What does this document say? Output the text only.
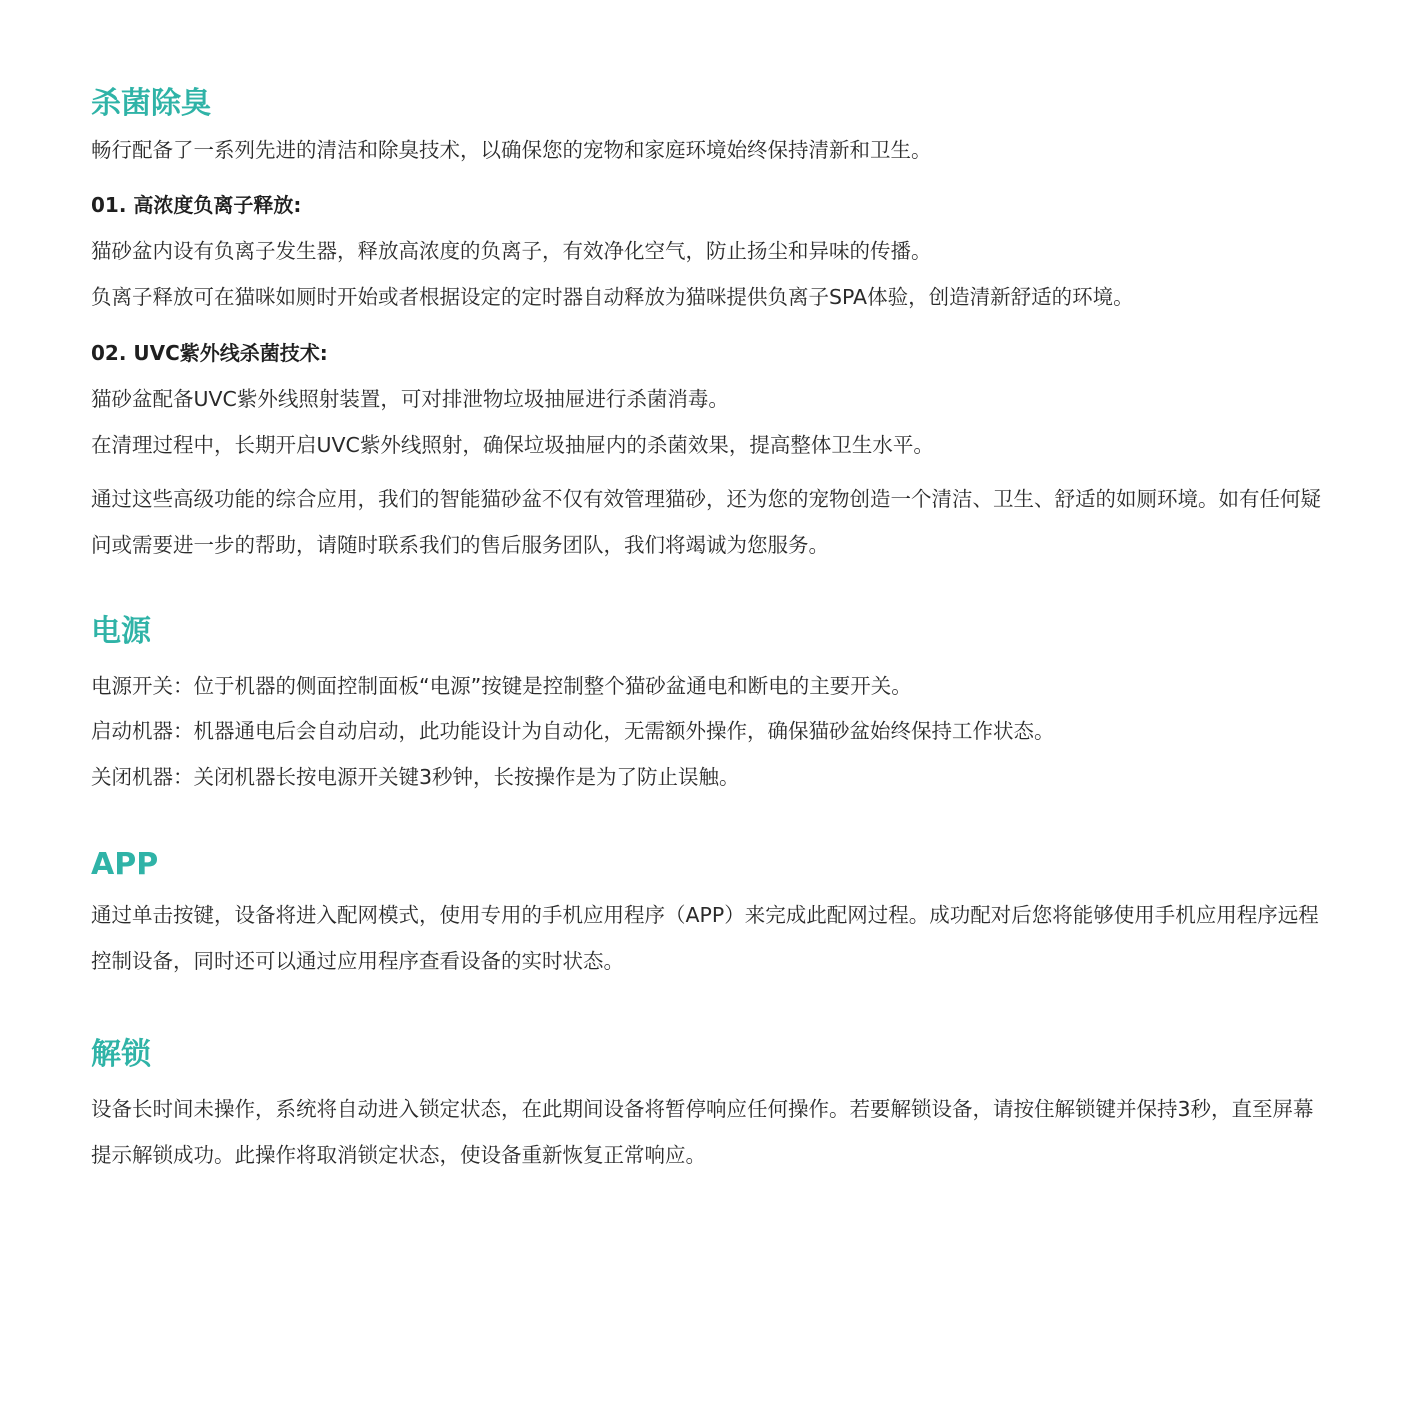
杀菌除臭

畅行配备了一系列先进的清洁和除臭技术，以确保您的宠物和家庭环境始终保持清新和卫生。

01. 高浓度负离子释放:

猫砂盆内设有负离子发生器，释放高浓度的负离子，有效净化空气，防止扬尘和异味的传播。

负离子释放可在猫咪如厕时开始或者根据设定的定时器自动释放为猫咪提供负离子SPA体验，创造清新舒适的环境。

02. UVC紫外线杀菌技术:

猫砂盆配备UVC紫外线照射装置，可对排泄物垃圾抽屉进行杀菌消毒。

在清理过程中，长期开启UVC紫外线照射，确保垃圾抽屉内的杀菌效果，提高整体卫生水平。

通过这些高级功能的综合应用，我们的智能猫砂盆不仅有效管理猫砂，还为您的宠物创造一个清洁、卫生、舒适的如厕环境。如有任何疑问或需要进一步的帮助，请随时联系我们的售后服务团队，我们将竭诚为您服务。

电源

电源开关：位于机器的侧面控制面板“电源”按键是控制整个猫砂盆通电和断电的主要开关。

启动机器：机器通电后会自动启动，此功能设计为自动化，无需额外操作，确保猫砂盆始终保持工作状态。

关闭机器：关闭机器长按电源开关键3秒钟，长按操作是为了防止误触。

APP

通过单击按键，设备将进入配网模式，使用专用的手机应用程序（APP）来完成此配网过程。成功配对后您将能够使用手机应用程序远程控制设备，同时还可以通过应用程序查看设备的实时状态。

解锁

设备长时间未操作，系统将自动进入锁定状态，在此期间设备将暂停响应任何操作。若要解锁设备，请按住解锁键并保持3秒，直至屏幕提示解锁成功。此操作将取消锁定状态，使设备重新恢复正常响应。
